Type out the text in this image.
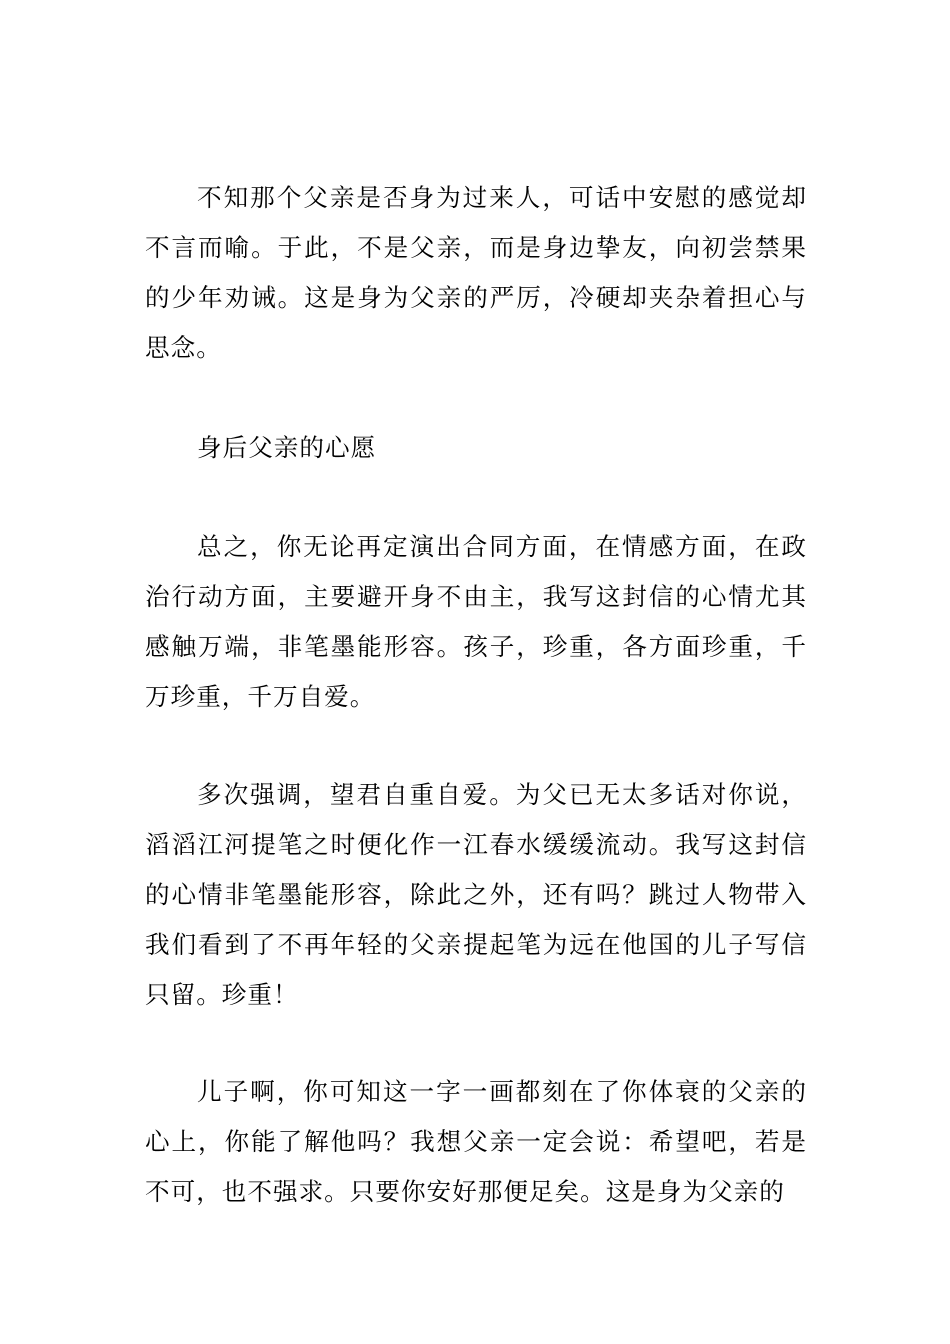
不知那个父亲是否身为过来人，可话中安慰的感觉却不言而喻。于此，不是父亲，而是身边挚友，向初尝禁果的少年劝诫。这是身为父亲的严厉，冷硬却夹杂着担心与思念。

身后父亲的心愿

总之，你无论再定演出合同方面，在情感方面，在政治行动方面，主要避开身不由主，我写这封信的心情尤其感触万端，非笔墨能形容。孩子，珍重，各方面珍重，千万珍重，千万自爱。

多次强调，望君自重自爱。为父已无太多话对你说，滔滔江河提笔之时便化作一江春水缓缓流动。我写这封信的心情非笔墨能形容，除此之外，还有吗？跳过人物带入我们看到了不再年轻的父亲提起笔为远在他国的儿子写信只留。珍重！

儿子啊，你可知这一字一画都刻在了你体衰的父亲的心上，你能了解他吗？我想父亲一定会说：希望吧，若是不可，也不强求。只要你安好那便足矣。这是身为父亲的
